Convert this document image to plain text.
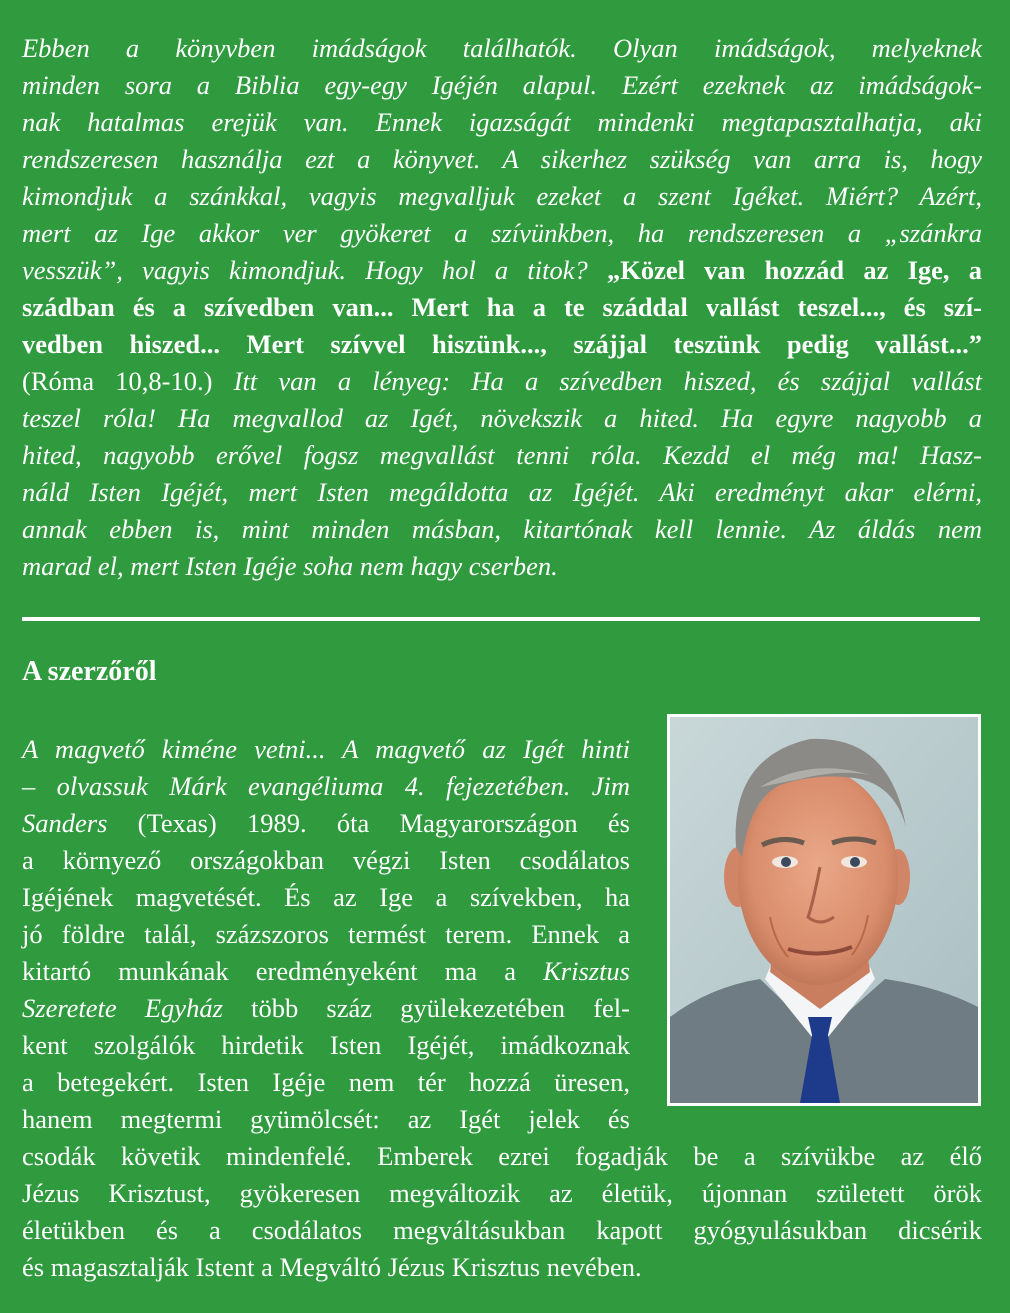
Ebben a könyvben imádságok találhatók. Olyan imádságok, melyeknek
minden sora a Biblia egy-egy Igéjén alapul. Ezért ezeknek az imádságok-
nak hatalmas erejük van. Ennek igazságát mindenki megtapasztalhatja, aki
rendszeresen használja ezt a könyvet. A sikerhez szükség van arra is, hogy
kimondjuk a szánkkal, vagyis megvalljuk ezeket a szent Igéket. Miért? Azért,
mert az Ige akkor ver gyökeret a szívünkben, ha rendszeresen a „szánkra
vesszük”, vagyis kimondjuk. Hogy hol a titok? „Közel van hozzád az Ige, a
szádban és a szívedben van... Mert ha a te száddal vallást teszel..., és szí-
vedben hiszed... Mert szívvel hiszünk..., szájjal teszünk pedig vallást...”
(Róma 10,8-10.) Itt van a lényeg: Ha a szívedben hiszed, és szájjal vallást
teszel róla! Ha megvallod az Igét, növekszik a hited. Ha egyre nagyobb a
hited, nagyobb erővel fogsz megvallást tenni róla. Kezdd el még ma! Hasz-
náld Isten Igéjét, mert Isten megáldotta az Igéjét. Aki eredményt akar elérni,
annak ebben is, mint minden másban, kitartónak kell lennie. Az áldás nem
marad el, mert Isten Igéje soha nem hagy cserben.
A szerzőről
A magvető kiméne vetni... A magvető az Igét hinti
– olvassuk Márk evangéliuma 4. fejezetében. Jim
Sanders (Texas) 1989. óta Magyarországon és
a környező országokban végzi Isten csodálatos
Igéjének magvetését. És az Ige a szívekben, ha
jó földre talál, százszoros termést terem. Ennek a
kitartó munkának eredményeként ma a Krisztus
Szeretete Egyház több száz gyülekezetében fel-
kent szolgálók hirdetik Isten Igéjét, imádkoznak
a betegekért. Isten Igéje nem tér hozzá üresen,
hanem megtermi gyümölcsét: az Igét jelek és
csodák követik mindenfelé. Emberek ezrei fogadják be a szívükbe az élő
Jézus Krisztust, gyökeresen megváltozik az életük, újonnan született örök
életükben és a csodálatos megváltásukban kapott gyógyulásukban dicsérik
és magasztalják Istent a Megváltó Jézus Krisztus nevében.
